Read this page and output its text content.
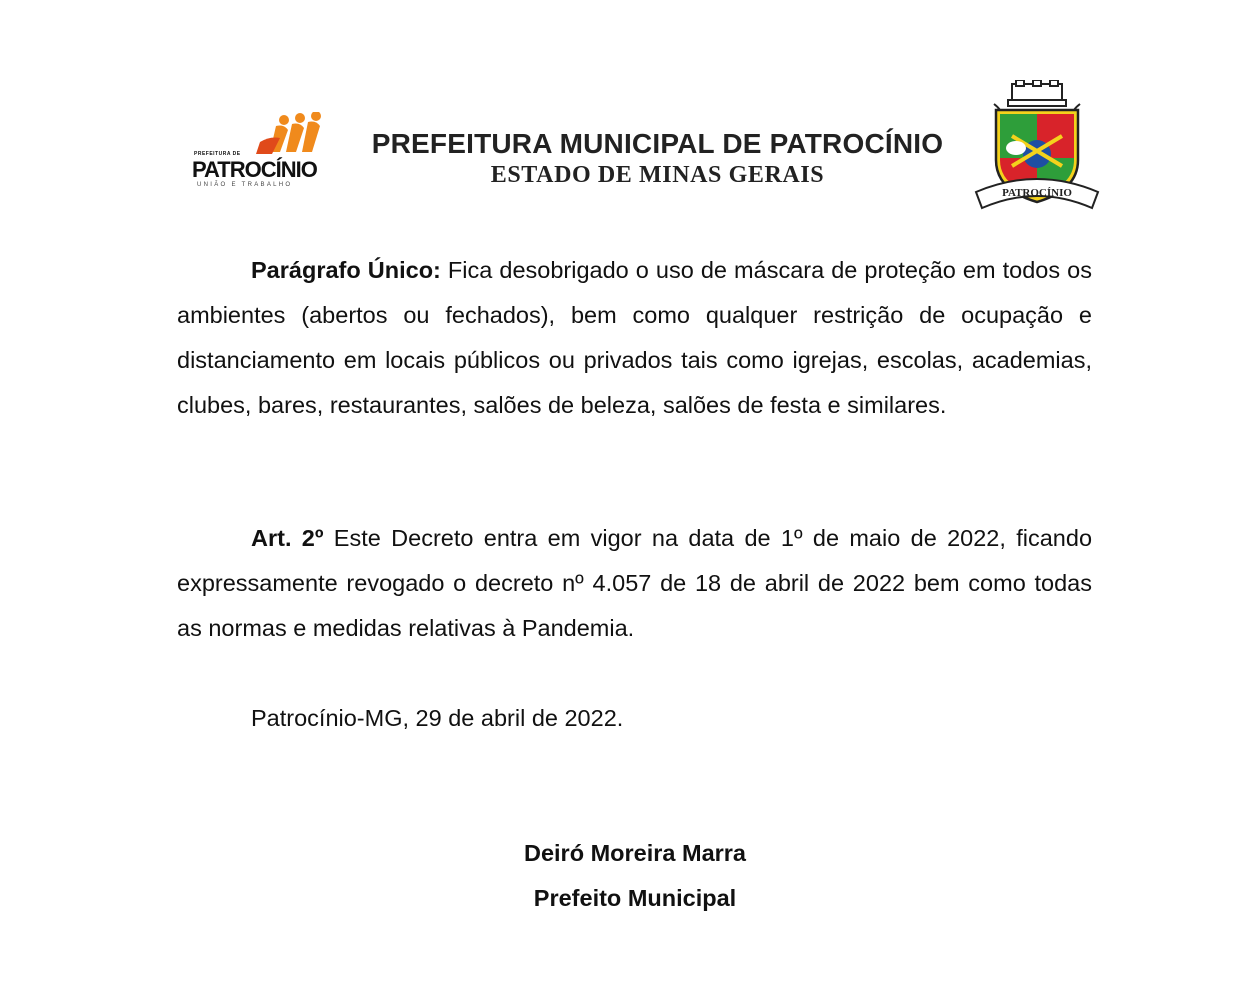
PREFEITURA DE
PATROCÍNIO
UNIÃO E TRABALHO
PREFEITURA MUNICIPAL DE PATROCÍNIO
ESTADO DE MINAS GERAIS
PATROCÍNIO

Parágrafo Único: Fica desobrigado o uso de máscara de proteção em todos os ambientes (abertos ou fechados), bem como qualquer restrição de ocupação e distanciamento em locais públicos ou privados tais como igrejas, escolas, academias, clubes, bares, restaurantes, salões de beleza, salões de festa e similares.

Art. 2º Este Decreto entra em vigor na data de 1º de maio de 2022, ficando expressamente revogado o decreto nº 4.057 de 18 de abril de 2022 bem como todas as normas e medidas relativas à Pandemia.

Patrocínio-MG, 29 de abril de 2022.
Deiró Moreira Marra
Prefeito Municipal
